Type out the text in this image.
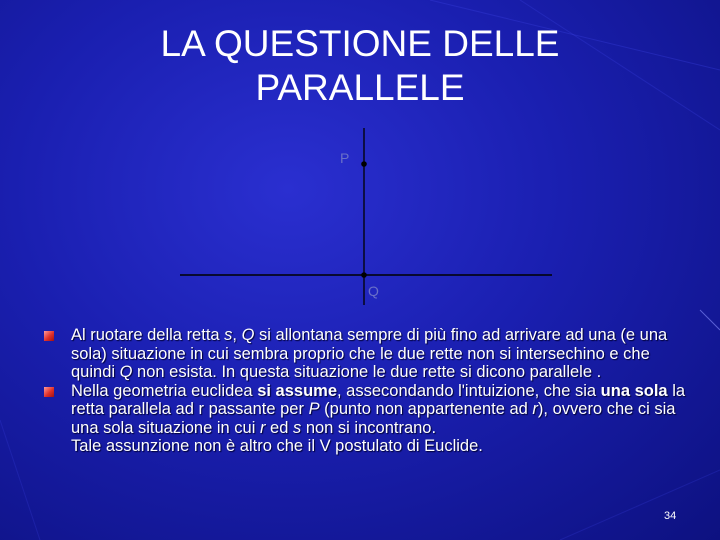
LA QUESTIONE DELLE
PARALLELE
P
Q
Al ruotare della retta s, Q si allontana sempre di più fino ad arrivare ad una (e una sola) situazione in cui sembra proprio che le due rette non si intersechino e che quindi Q non esista. In questa situazione le due rette si dicono parallele .
Nella geometria euclidea si assume, assecondando l'intuizione, che sia una sola la retta parallela ad r passante per P (punto non appartenente ad r), ovvero che ci sia una sola situazione in cui r ed s non si incontrano.
Tale assunzione non è altro che il V postulato di Euclide.
34
